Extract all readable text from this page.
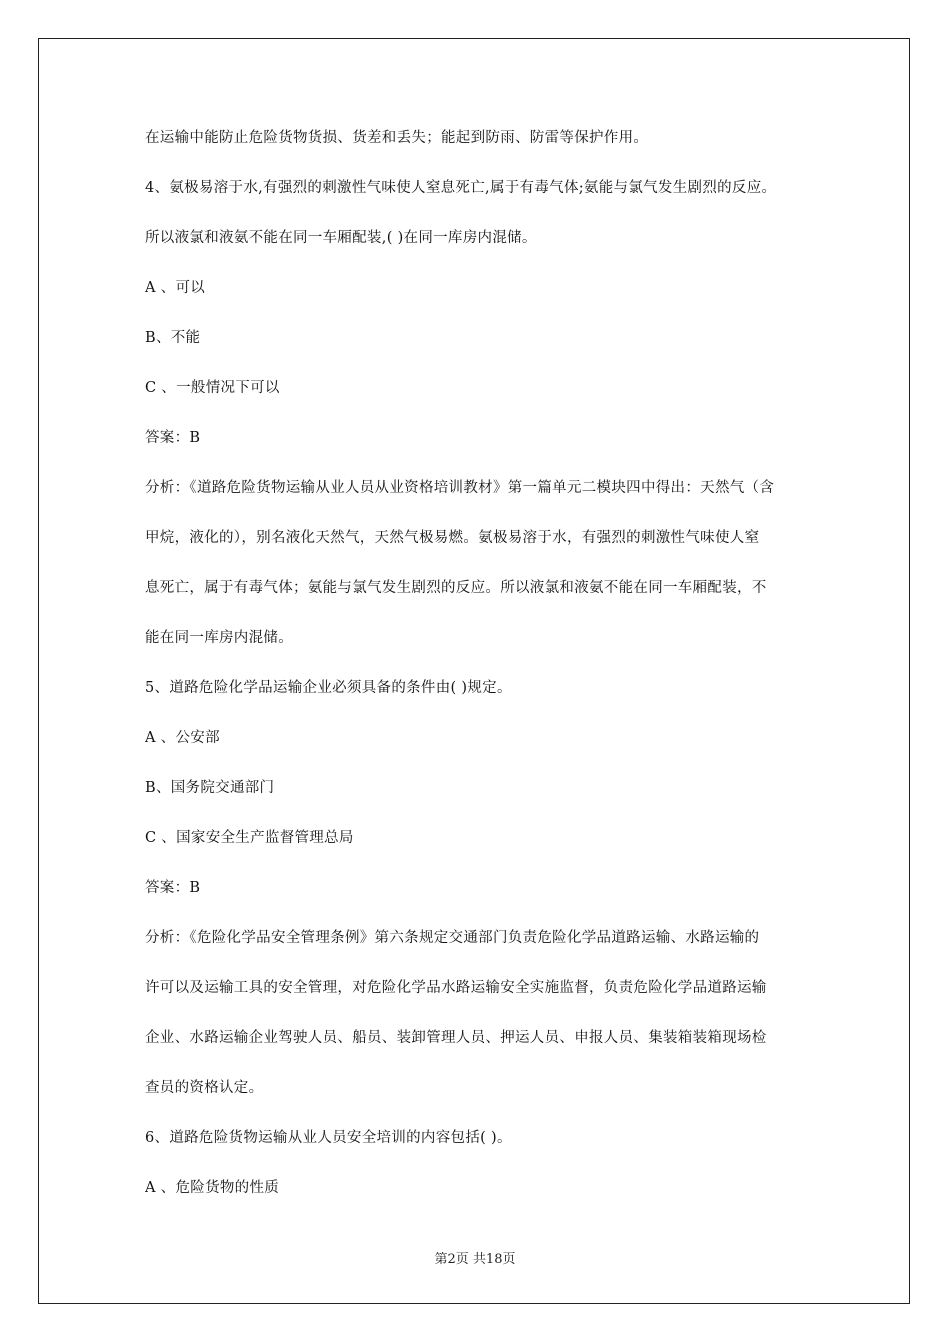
在运输中能防止危险货物货损、货差和丢失；能起到防雨、防雷等保护作用。

4、氨极易溶于水,有强烈的刺激性气味使人窒息死亡,属于有毒气体;氨能与氯气发生剧烈的反应。

所以液氯和液氨不能在同一车厢配装,( )在同一库房内混储。

A 、可以

B、不能

C 、一般情况下可以

答案：B

分析：《道路危险货物运输从业人员从业资格培训教材》第一篇单元二模块四中得出：天然气（含

甲烷，液化的），别名液化天然气，天然气极易燃。氨极易溶于水，有强烈的刺激性气味使人窒

息死亡，属于有毒气体；氨能与氯气发生剧烈的反应。所以液氯和液氨不能在同一车厢配装，不

能在同一库房内混储。

5、道路危险化学品运输企业必须具备的条件由( )规定。

A 、公安部

B、国务院交通部门

C 、国家安全生产监督管理总局

答案：B

分析：《危险化学品安全管理条例》第六条规定交通部门负责危险化学品道路运输、水路运输的

许可以及运输工具的安全管理，对危险化学品水路运输安全实施监督，负责危险化学品道路运输

企业、水路运输企业驾驶人员、船员、装卸管理人员、押运人员、申报人员、集装箱装箱现场检

查员的资格认定。

6、道路危险货物运输从业人员安全培训的内容包括( )。

A 、危险货物的性质

第2页 共18页
